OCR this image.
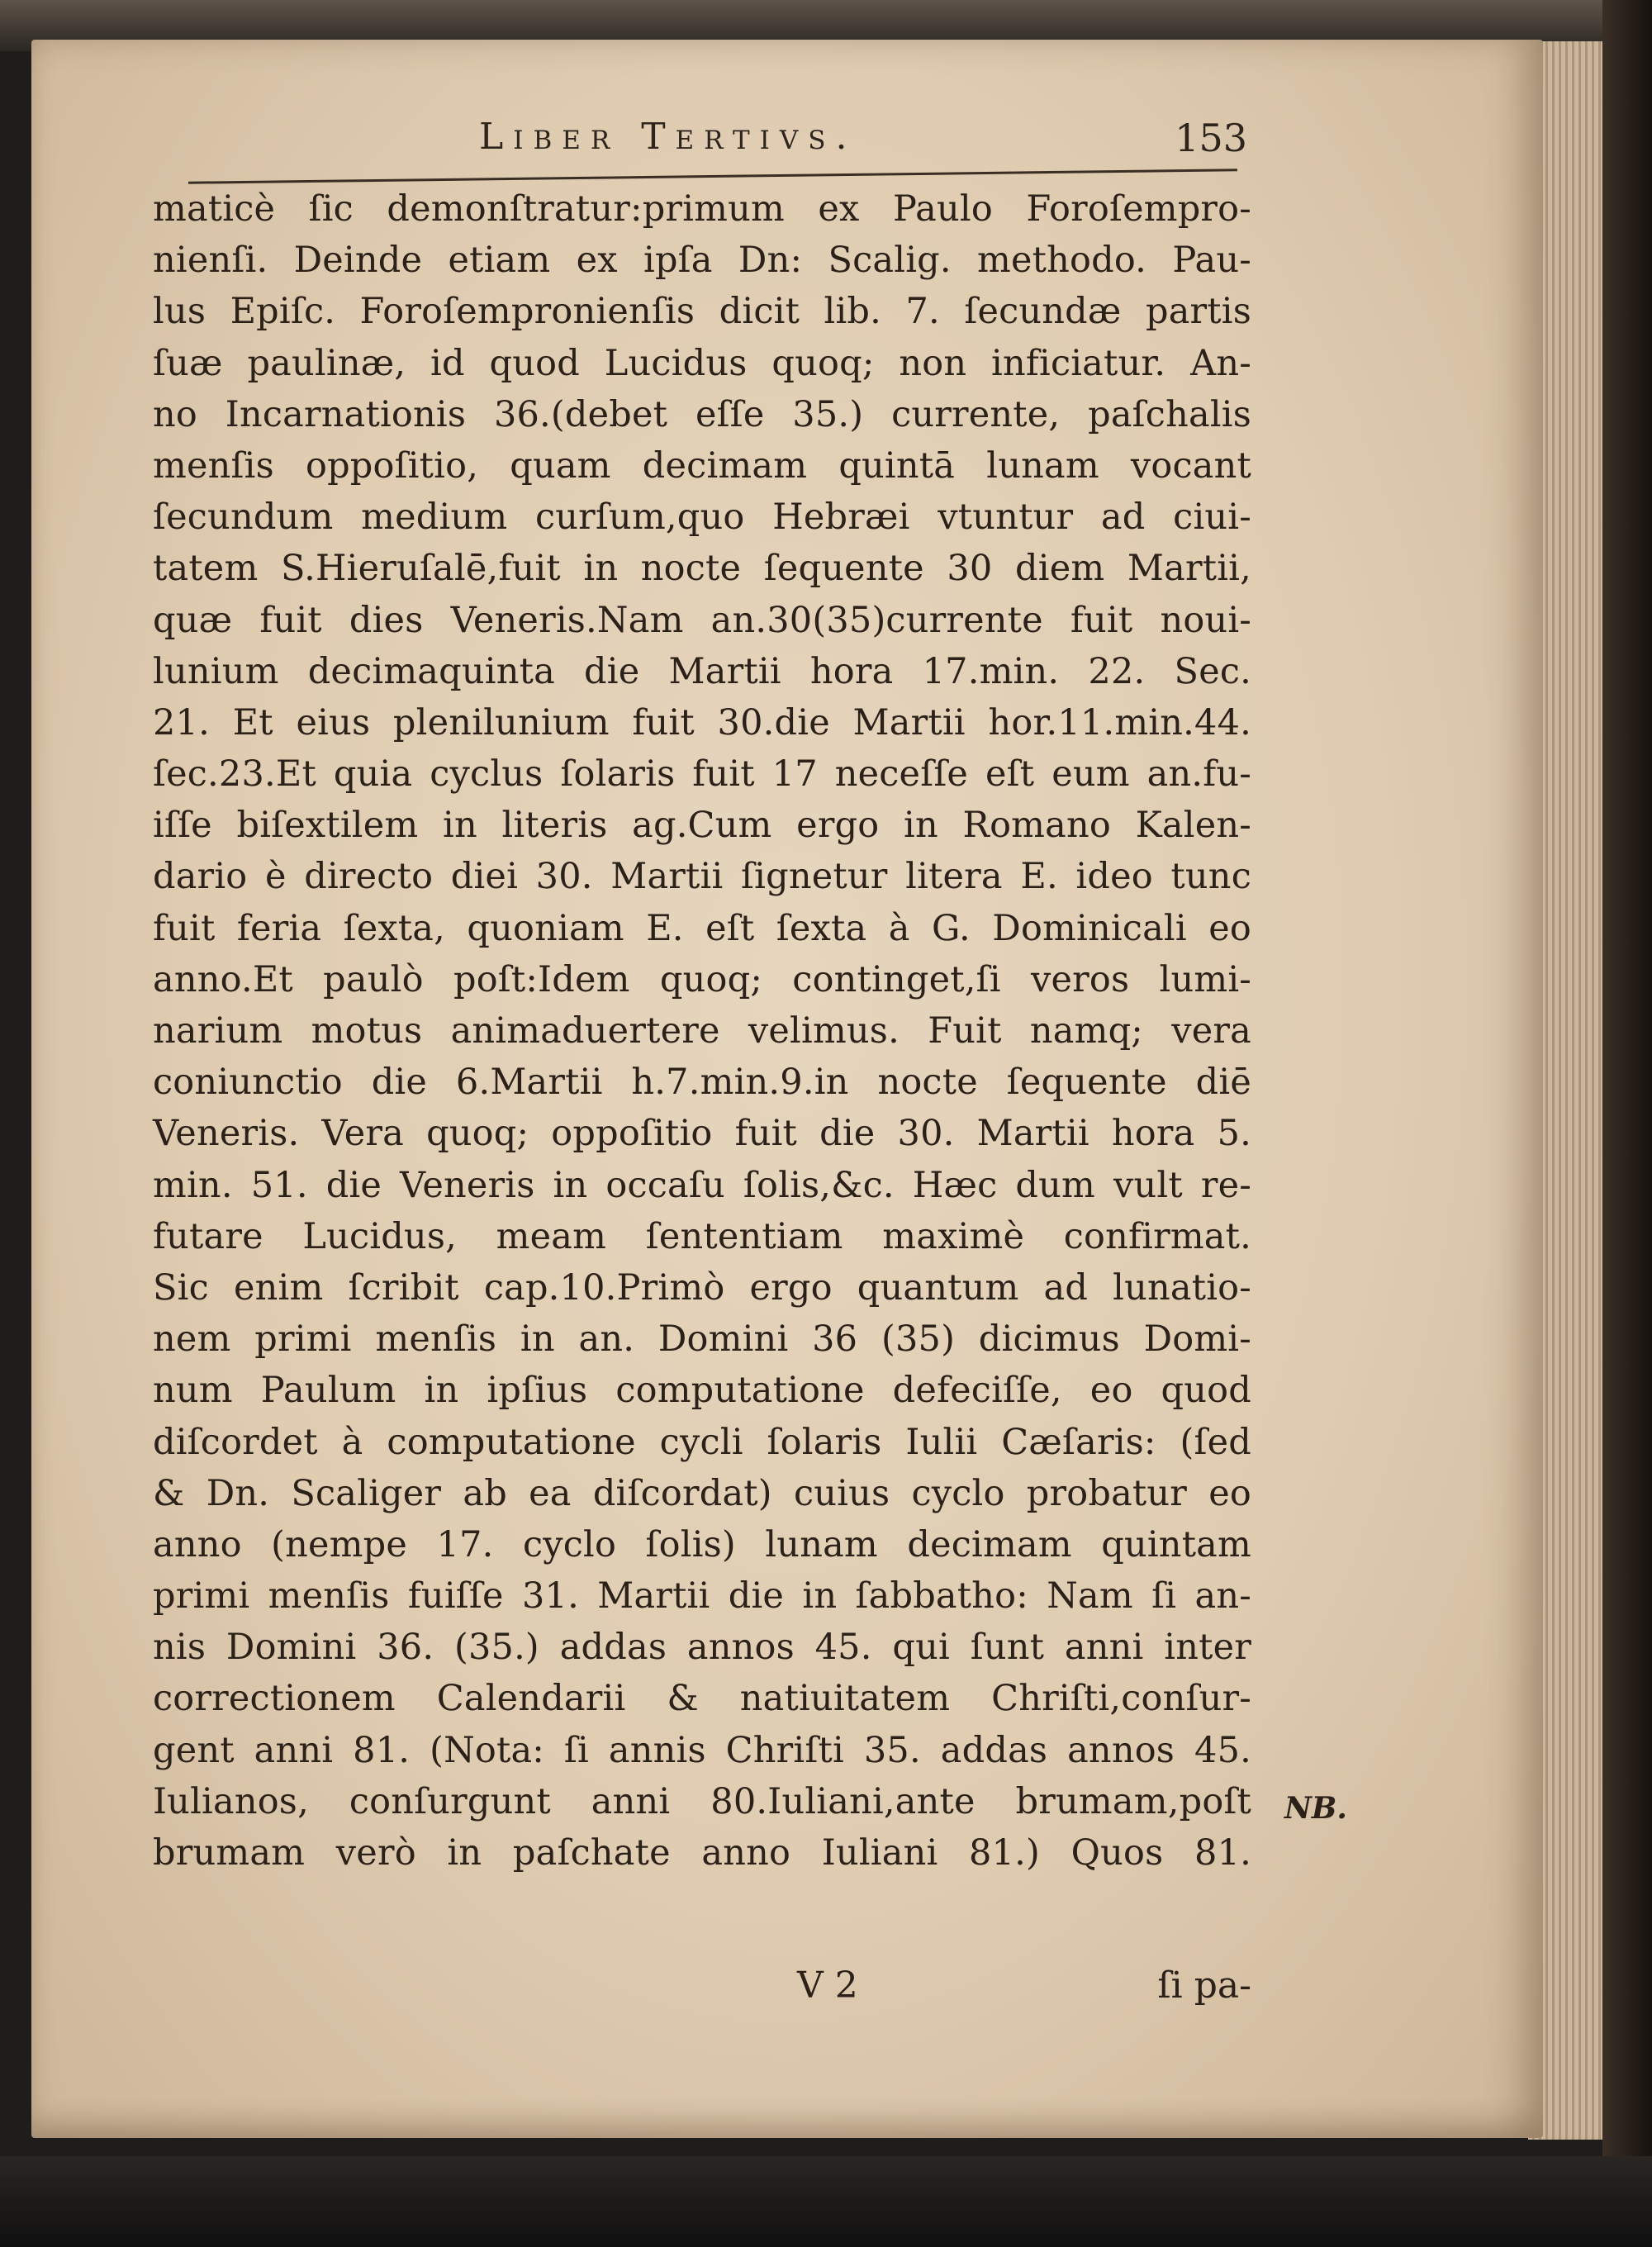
Liber Tertivs.	153
maticè ſic demonſtratur:primum ex Paulo Foroſempro-
nienſi. Deinde etiam ex ipſa Dn: Scalig. methodo. Pau-
lus Epiſc. Foroſempronienſis dicit lib. 7. ſecundæ partis
ſuæ paulinæ, id quod Lucidus quoq; non inficiatur. An-
no Incarnationis 36.(debet eſſe 35.) currente, paſchalis
menſis oppoſitio, quam decimam quintā lunam vocant
ſecundum medium curſum,quo Hebræi vtuntur ad ciui-
tatem S.Hieruſalē,fuit in nocte ſequente 30 diem Martii,
quæ fuit dies Veneris.Nam an.30(35)currente fuit noui-
lunium decimaquinta die Martii hora 17.min. 22. Sec.
21. Et eius plenilunium fuit 30.die Martii hor.11.min.44.
ſec.23.Et quia cyclus ſolaris fuit 17 neceſſe eſt eum an.fu-
iſſe biſextilem in literis ag.Cum ergo in Romano Kalen-
dario è directo diei 30. Martii ſignetur litera E. ideo tunc
fuit feria ſexta, quoniam E. eſt ſexta à G. Dominicali eo
anno.Et paulò poſt:Idem quoq; continget,ſi veros lumi-
narium motus animaduertere velimus. Fuit namq; vera
coniunctio die 6.Martii h.7.min.9.in nocte ſequente diē
Veneris. Vera quoq; oppoſitio fuit die 30. Martii hora 5.
min. 51. die Veneris in occaſu ſolis,&c. Hæc dum vult re-
futare Lucidus, meam ſententiam maximè confirmat.
Sic enim ſcribit cap.10.Primò ergo quantum ad lunatio-
nem primi menſis in an. Domini 36 (35) dicimus Domi-
num Paulum in ipſius computatione defeciſſe, eo quod
diſcordet à computatione cycli ſolaris Iulii Cæſaris: (ſed
& Dn. Scaliger ab ea diſcordat) cuius cyclo probatur eo
anno (nempe 17. cyclo ſolis) lunam decimam quintam
primi menſis fuiſſe 31. Martii die in ſabbatho: Nam ſi an-
nis Domini 36. (35.) addas annos 45. qui ſunt anni inter
correctionem Calendarii & natiuitatem Chriſti,conſur-
gent anni 81. (Nota: ſi annis Chriſti 35. addas annos 45.
Iulianos, conſurgunt anni 80.Iuliani,ante brumam,poſt
brumam verò in paſchate anno Iuliani 81.) Quos 81.
V 2	ſi pa-
NB.
